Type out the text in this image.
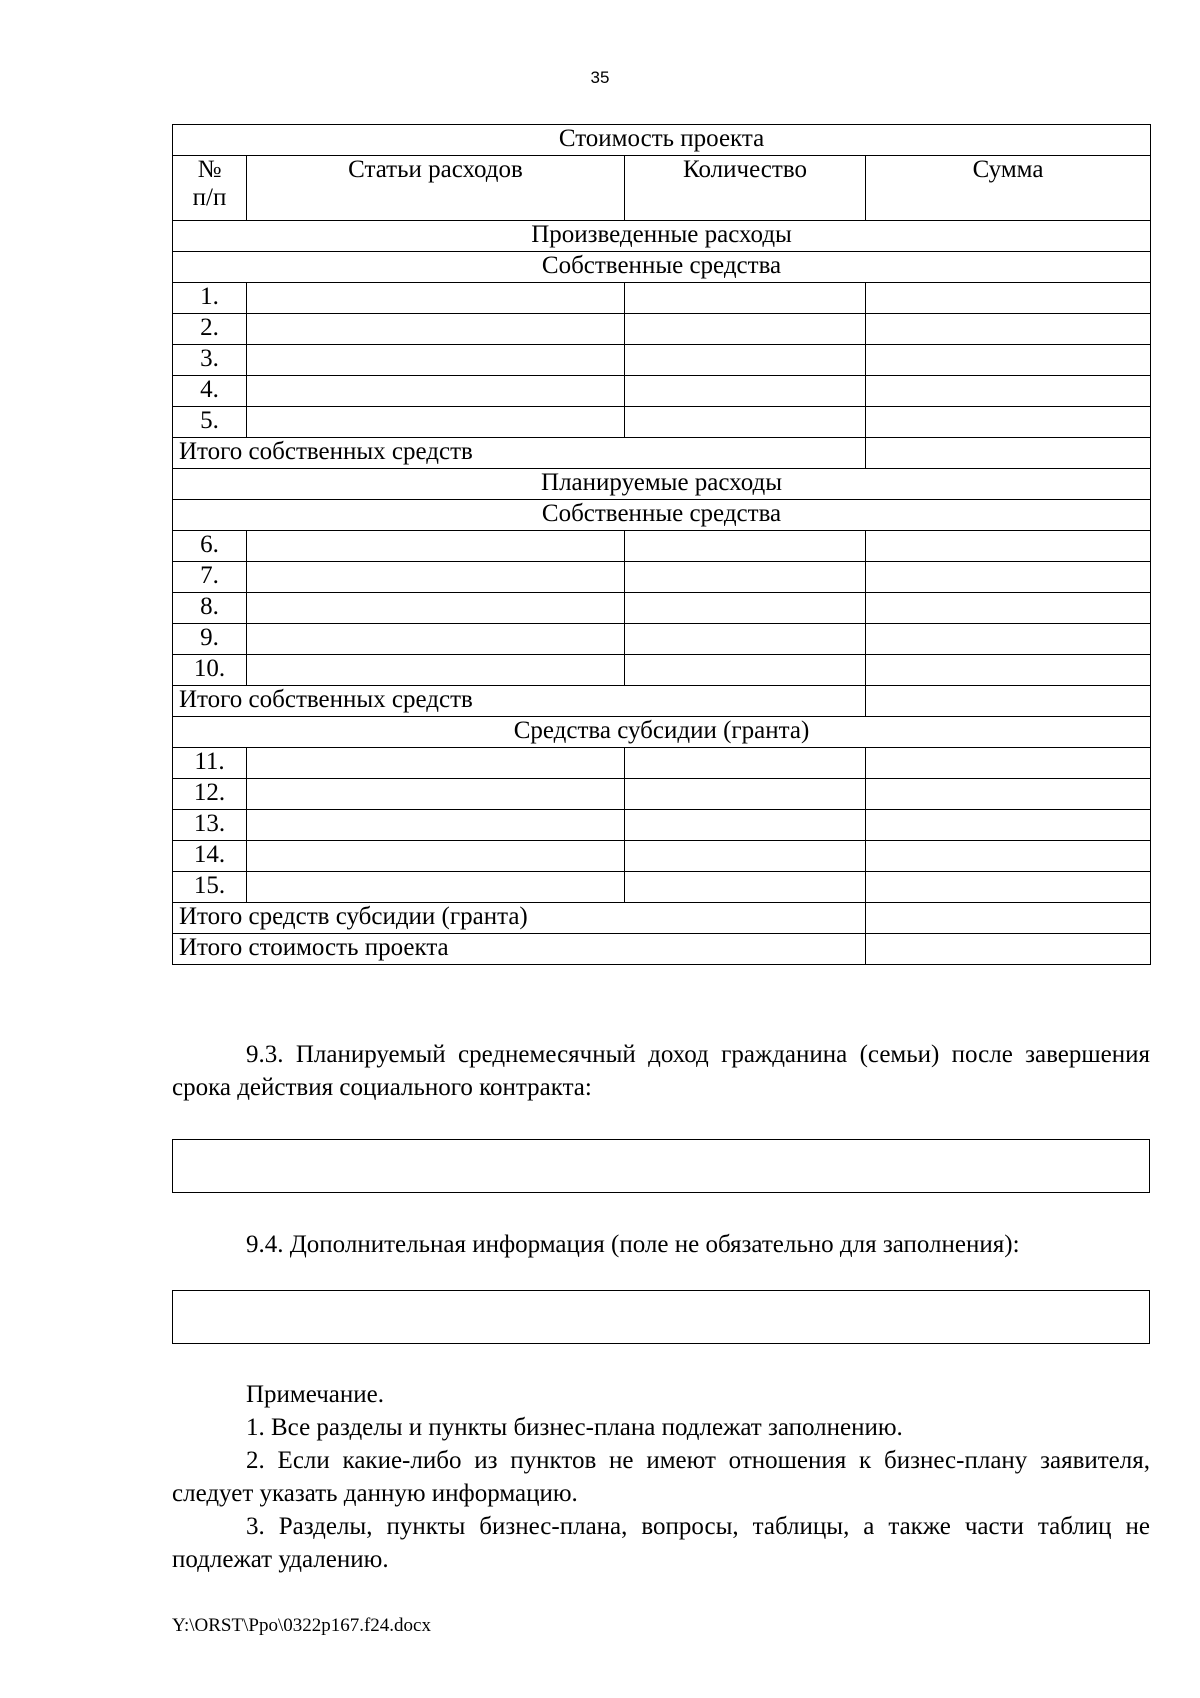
35
Стоимость проекта			
№
п/п	Статьи расходов	Количество	Сумма
Произведенные расходы			
Собственные средства			
1.			
2.			
3.			
4.			
5.			
Итого собственных средств			
Планируемые расходы			
Собственные средства			
6.			
7.			
8.			
9.			
10.			
Итого собственных средств			
Средства субсидии (гранта)			
11.			
12.			
13.			
14.			
15.			
Итого средств субсидии (гранта)			
Итого стоимость проекта			
9.3. Планируемый среднемесячный доход гражданина (семьи) после завершения срока действия социального контракта:
9.4. Дополнительная информация (поле не обязательно для заполнения):
Примечание.
1. Все разделы и пункты бизнес-плана подлежат заполнению.
2. Если какие-либо из пунктов не имеют отношения к бизнес-плану заявителя, следует указать данную информацию.
3. Разделы, пункты бизнес-плана, вопросы, таблицы, а также части таблиц не подлежат удалению.
Y:\ORST\Ppo\0322p167.f24.docx
